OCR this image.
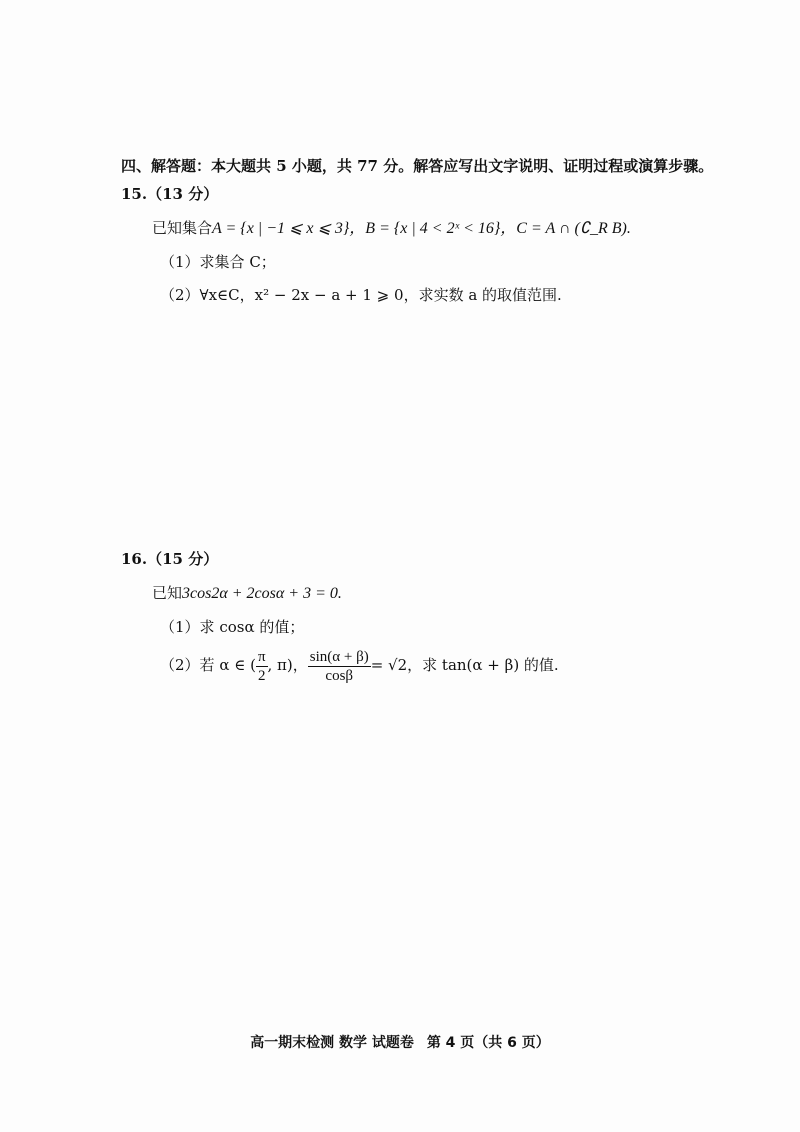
四、解答题：本大题共 5 小题，共 77 分。解答应写出文字说明、证明过程或演算步骤。
15.（13 分）
已知集合A = {x | −1 ⩽ x ⩽ 3}，B = {x | 4 < 2ˣ < 16}，C = A ∩ (∁_R B).
（1）求集合 C；
（2）∀x∈C，x² − 2x − a + 1 ⩾ 0，求实数 a 的取值范围.
16.（15 分）
已知3cos2α + 2cosα + 3 = 0.
（1）求 cosα 的值；
（2）若 α ∈ ( $\frac{\pi}{2}$ , π)， $\frac{\sin(\alpha + \beta)}{\cos\beta} = √2$，求 tan(α + β) 的值.
高一期末检测 数学 试题卷 第 4 页（共 6 页）
